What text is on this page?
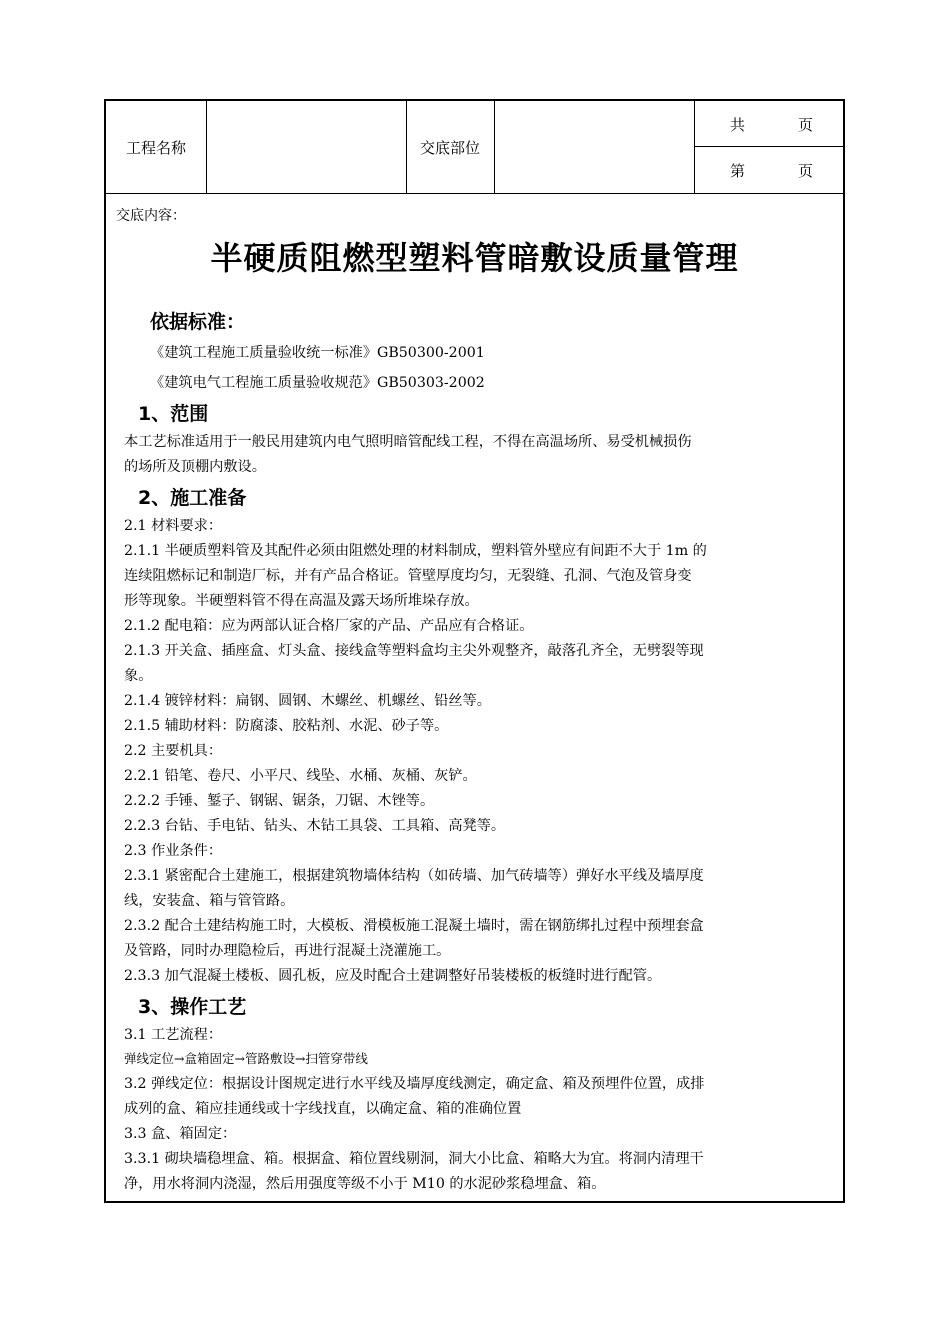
工程名称	交底部位
共	页
第	页
交底内容：
半硬质阻燃型塑料管暗敷设质量管理
依据标准：
《建筑工程施工质量验收统一标准》GB50300-2001
《建筑电气工程施工质量验收规范》GB50303-2002
1、范围
本工艺标准适用于一般民用建筑内电气照明暗管配线工程，不得在高温场所、易受机械损伤
的场所及顶棚内敷设。
2、施工准备
2.1 材料要求：
2.1.1 半硬质塑料管及其配件必须由阻燃处理的材料制成，塑料管外壁应有间距不大于 1m 的
连续阻燃标记和制造厂标，并有产品合格证。管壁厚度均匀，无裂缝、孔洞、气泡及管身变
形等现象。半硬塑料管不得在高温及露天场所堆垛存放。
2.1.2 配电箱：应为两部认证合格厂家的产品、产品应有合格证。
2.1.3 开关盒、插座盒、灯头盒、接线盒等塑料盒均主尖外观整齐，敲落孔齐全，无劈裂等现
象。
2.1.4 镀锌材料：扁钢、圆钢、木螺丝、机螺丝、铅丝等。
2.1.5 辅助材料：防腐漆、胶粘剂、水泥、砂子等。
2.2 主要机具：
2.2.1 铅笔、卷尺、小平尺、线坠、水桶、灰桶、灰铲。
2.2.2 手锤、錾子、钢锯、锯条，刀锯、木锉等。
2.2.3 台钻、手电钻、钻头、木钻工具袋、工具箱、高凳等。
2.3 作业条件：
2.3.1 紧密配合土建施工，根据建筑物墙体结构（如砖墙、加气砖墙等）弹好水平线及墙厚度
线，安装盒、箱与管管路。
2.3.2 配合土建结构施工时，大模板、滑模板施工混凝土墙时，需在钢筋绑扎过程中预埋套盒
及管路，同时办理隐检后，再进行混凝土浇灌施工。
2.3.3 加气混凝土楼板、圆孔板，应及时配合土建调整好吊装楼板的板缝时进行配管。
3、操作工艺
3.1 工艺流程：
弹线定位→盒箱固定→管路敷设→扫管穿带线
3.2 弹线定位：根据设计图规定进行水平线及墙厚度线测定，确定盒、箱及预埋件位置，成排
成列的盒、箱应挂通线或十字线找直，以确定盒、箱的准确位置
3.3 盒、箱固定：
3.3.1 砌块墙稳埋盒、箱。根据盒、箱位置线剔洞，洞大小比盒、箱略大为宜。将洞内清理干
净，用水将洞内浇湿，然后用强度等级不小于 M10 的水泥砂浆稳埋盒、箱。
